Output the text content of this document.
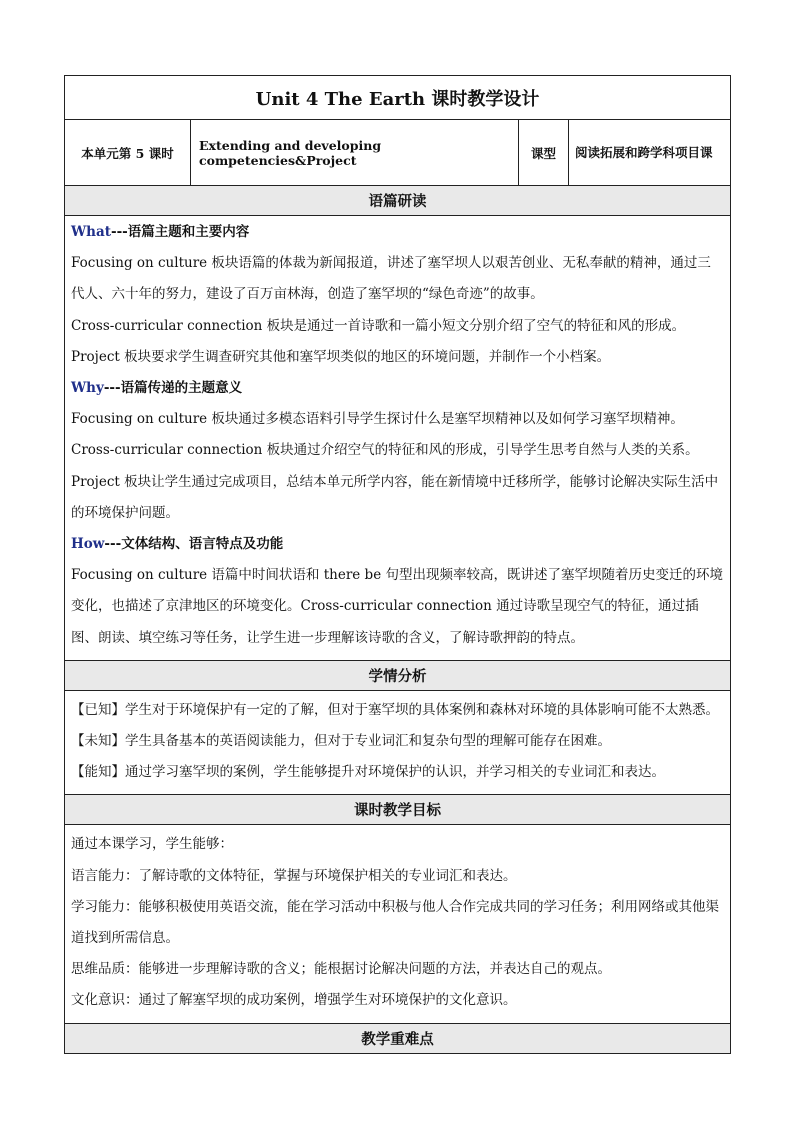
Unit 4 The Earth 课时教学设计
本单元第 5 课时	Extending and developing competencies&Project	课型	阅读拓展和跨学科项目课
语篇研读

What---语篇主题和主要内容

Focusing on culture 板块语篇的体裁为新闻报道，讲述了塞罕坝人以艰苦创业、无私奉献的精神，通过三代人、六十年的努力，建设了百万亩林海，创造了塞罕坝的“绿色奇迹”的故事。

Cross-curricular connection 板块是通过一首诗歌和一篇小短文分别介绍了空气的特征和风的形成。

Project 板块要求学生调查研究其他和塞罕坝类似的地区的环境问题，并制作一个小档案。

Why---语篇传递的主题意义

Focusing on culture 板块通过多模态语料引导学生探讨什么是塞罕坝精神以及如何学习塞罕坝精神。

Cross-curricular connection 板块通过介绍空气的特征和风的形成，引导学生思考自然与人类的关系。

Project 板块让学生通过完成项目，总结本单元所学内容，能在新情境中迁移所学，能够讨论解决实际生活中的环境保护问题。

How---文体结构、语言特点及功能

Focusing on culture 语篇中时间状语和 there be 句型出现频率较高，既讲述了塞罕坝随着历史变迁的环境变化，也描述了京津地区的环境变化。Cross-curricular connection 通过诗歌呈现空气的特征，通过插图、朗读、填空练习等任务，让学生进一步理解该诗歌的含义，了解诗歌押韵的特点。

学情分析

【已知】学生对于环境保护有一定的了解，但对于塞罕坝的具体案例和森林对环境的具体影响可能不太熟悉。

【未知】学生具备基本的英语阅读能力，但对于专业词汇和复杂句型的理解可能存在困难。

【能知】通过学习塞罕坝的案例，学生能够提升对环境保护的认识，并学习相关的专业词汇和表达。

课时教学目标

通过本课学习，学生能够：

语言能力：了解诗歌的文体特征，掌握与环境保护相关的专业词汇和表达。

学习能力：能够积极使用英语交流，能在学习活动中积极与他人合作完成共同的学习任务；利用网络或其他渠道找到所需信息。

思维品质：能够进一步理解诗歌的含义；能根据讨论解决问题的方法，并表达自己的观点。

文化意识：通过了解塞罕坝的成功案例，增强学生对环境保护的文化意识。

教学重难点
